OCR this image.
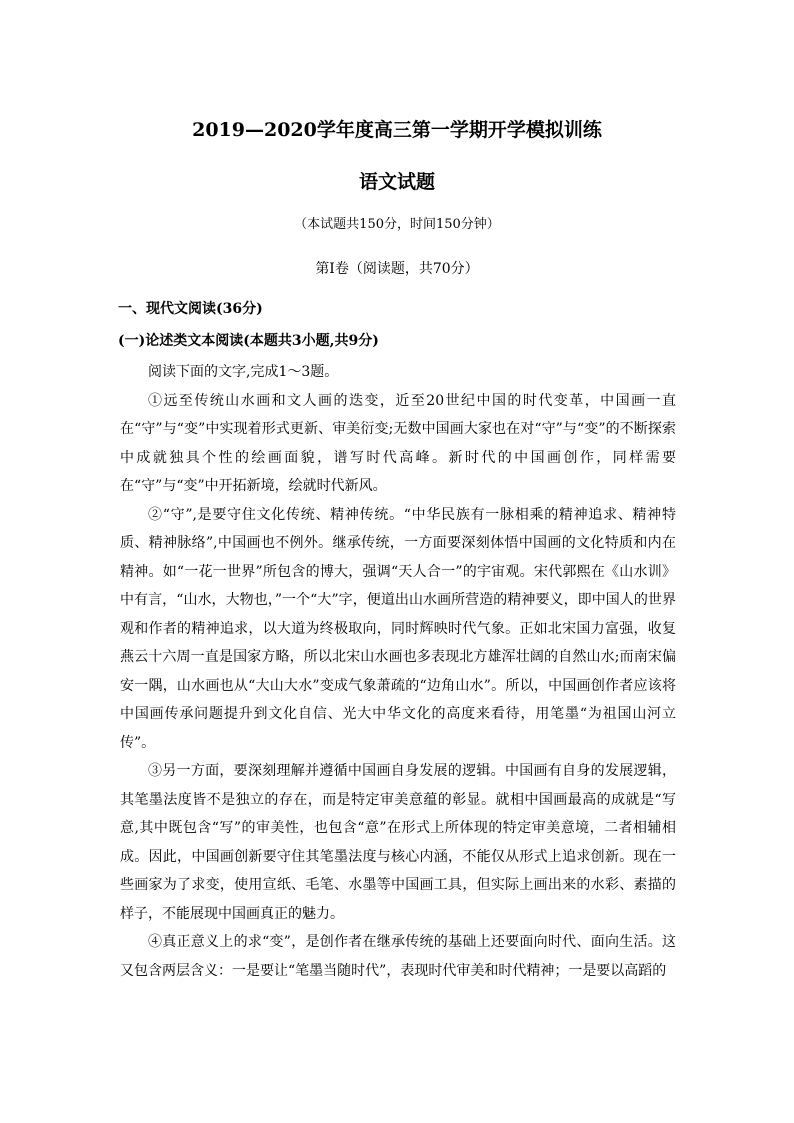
2019—2020学年度高三第一学期开学模拟训练
语文试题
（本试题共150分，时间150分钟）
第Ⅰ卷（阅读题，共70分）
一、现代文阅读(36分)
(一)论述类文本阅读(本题共3小题,共9分)

阅读下面的文字,完成1～3题。

①远至传统山水画和文人画的迭变，近至20世纪中国的时代变革，中国画一直在“守”与“变”中实现着形式更新、审美衍变;无数中国画大家也在对“守”与“变”的不断探索中成就独具个性的绘画面貌，谱写时代高峰。新时代的中国画创作，同样需要在“守”与“变”中开拓新境，绘就时代新风。

②“守”,是要守住文化传统、精神传统。“中华民族有一脉相乘的精神追求、精神特质、精神脉络”,中国画也不例外。继承传统，一方面要深刻体悟中国画的文化特质和内在精神。如“一花一世界”所包含的博大，强调“天人合一”的宇宙观。宋代郭熙在《山水训》中有言，“山水，大物也，”一个“大”字，便道出山水画所营造的精神要义，即中国人的世界观和作者的精神追求，以大道为终极取向，同时辉映时代气象。正如北宋国力富强，收复燕云十六周一直是国家方略，所以北宋山水画也多表现北方雄浑壮阔的自然山水;而南宋偏安一隅，山水画也从“大山大水”变成气象萧疏的“边角山水”。所以，中国画创作者应该将中国画传承问题提升到文化自信、光大中华文化的高度来看待，用笔墨“为祖国山河立传”。

③另一方面，要深刻理解并遵循中国画自身发展的逻辑。中国画有自身的发展逻辑，其笔墨法度皆不是独立的存在，而是特定审美意蕴的彰显。就相中国画最高的成就是“写意,其中既包含“写”的审美性，也包含“意”在形式上所体现的特定审美意境，二者相辅相成。因此，中国画创新要守住其笔墨法度与核心内涵，不能仅从形式上追求创新。现在一些画家为了求变，使用宣纸、毛笔、水墨等中国画工具，但实际上画出来的水彩、素描的样子，不能展现中国画真正的魅力。

④真正意义上的求“变”，是创作者在继承传统的基础上还要面向时代、面向生活。这又包含两层含义：一是要让“笔墨当随时代”，表现时代审美和时代精神；一是要以高蹈的
